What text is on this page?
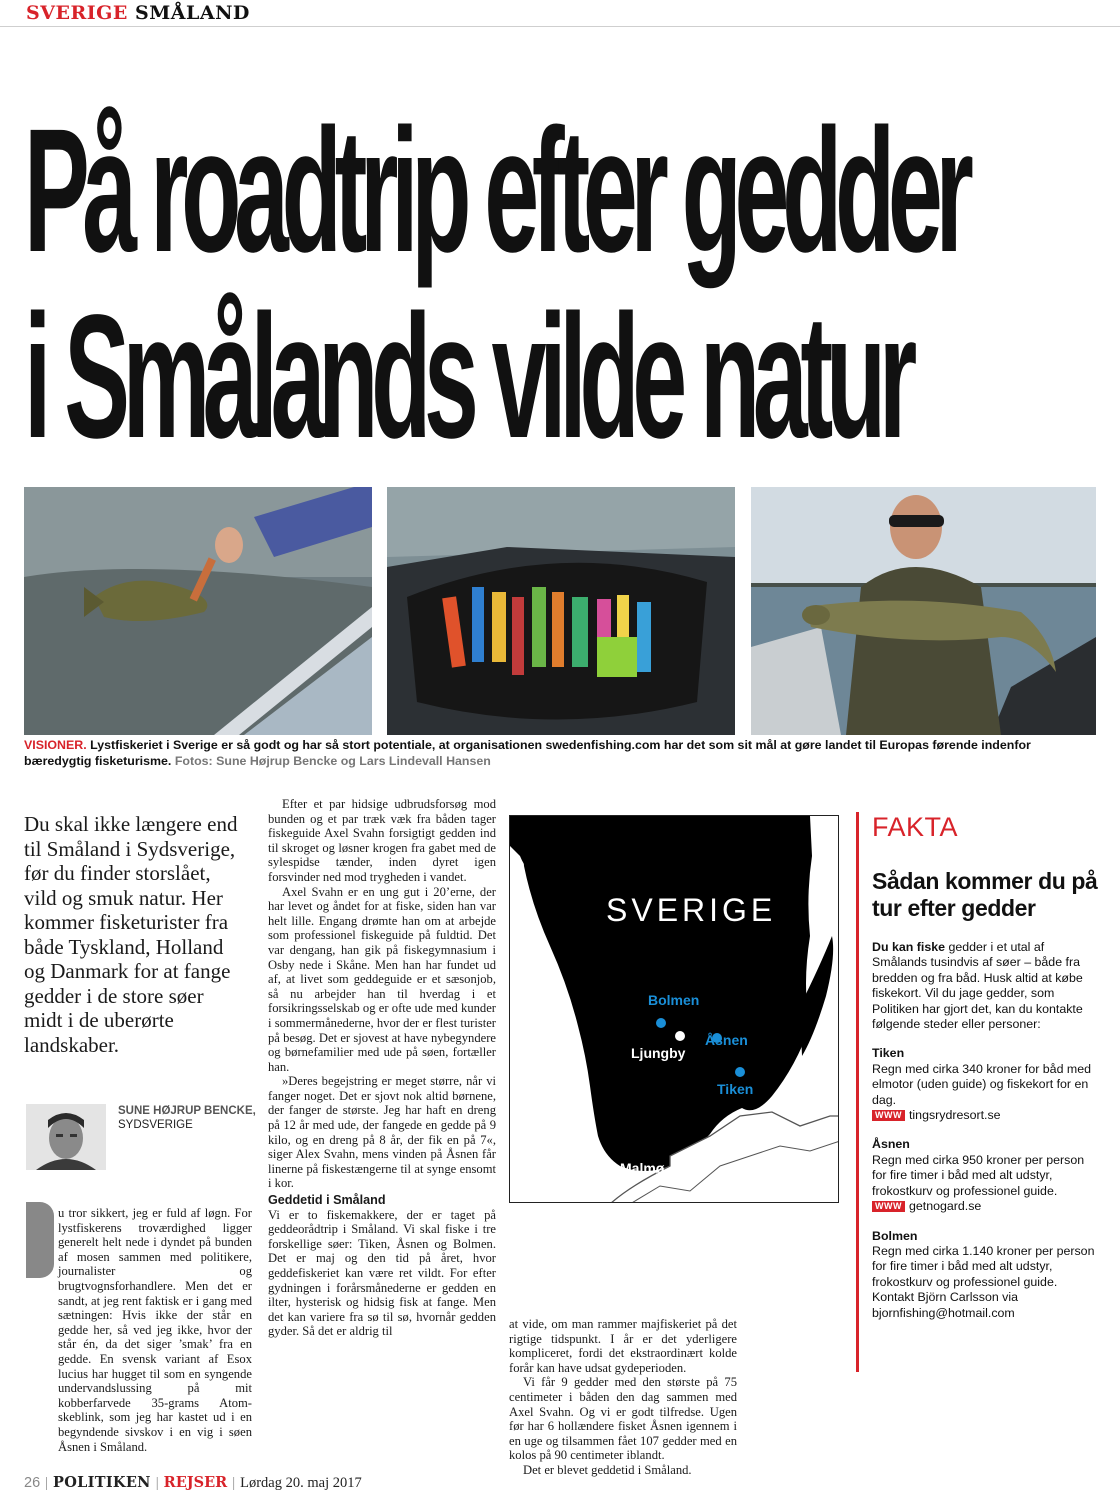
SVERIGE SMÅLAND
På roadtrip efter gedder
i Smålands vilde natur
VISIONER. Lystfiskeriet i Sverige er så godt og har så stort potentiale, at organisationen swedenfishing.com har det som sit mål at gøre landet til Europas førende indenfor bæredygtig fisketurisme. Fotos: Sune Højrup Bencke og Lars Lindevall Hansen
Du skal ikke længere end til Småland i Sydsverige, før du finder storslået, vild og smuk natur. Her kommer fisketurister fra både Tyskland, Holland og Danmark for at fange gedder i de store søer midt i de uberørte landskaber.
SUNE HØJRUP BENCKE,
SYDSVERIGE

u tror sikkert, jeg er fuld af løgn. For lystfiskerens troværdighed ligger generelt helt nede i dyndet på bunden af mosen sammen med politikere, journalister og brugtvognsforhandlere. Men det er sandt, at jeg rent faktisk er i gang med sætningen: Hvis ikke der står en gedde her, så ved jeg ikke, hvor der står én, da det siger ’smak’ fra en gedde. En svensk variant af Esox lucius har hugget til som en syngende undervandslussing på mit kobberfarvede 35-grams Atom-skeblink, som jeg har kastet ud i en begyndende sivskov i en vig i søen Åsnen i Småland.

Efter et par hidsige udbrudsforsøg mod bunden og et par træk væk fra båden tager fiskeguide Axel Svahn forsigtigt gedden ind til skroget og løsner krogen fra gabet med de sylespidse tænder, inden dyret igen forsvinder ned mod trygheden i vandet.

Axel Svahn er en ung gut i 20’erne, der har levet og åndet for at fiske, siden han var helt lille. Engang drømte han om at arbejde som professionel fiskeguide på fuldtid. Det var dengang, han gik på fiskegymnasium i Osby nede i Skåne. Men han har fundet ud af, at livet som geddeguide er et sæsonjob, så nu arbejder han til hverdag i et forsikringsselskab og er ofte ude med kunder i sommermånederne, hvor der er flest turister på besøg. Det er sjovest at have nybegyndere og børnefamilier med ude på søen, fortæller han.

»Deres begejstring er meget større, når vi fanger noget. Det er sjovt nok altid børnene, der fanger de største. Jeg har haft en dreng på 12 år med ude, der fangede en gedde på 9 kilo, og en dreng på 8 år, der fik en på 7«, siger Alex Svahn, mens vinden på Åsnen får linerne på fiskestængerne til at synge ensomt i kor.

Geddetid i Småland

Vi er to fiskemakkere, der er taget på geddeorådtrip i Småland. Vi skal fiske i tre forskellige søer: Tiken, Åsnen og Bolmen. Det er maj og den tid på året, hvor geddefiskeriet kan være ret vildt. For efter gydningen i forårsmånederne er gedden en ilter, hysterisk og hidsig fisk at fange. Men det kan variere fra sø til sø, hvornår gedden gyder. Så det er aldrig til

SVERIGE
Bolmen
Ljungby
Åsnen
Tiken
Malmø

at vide, om man rammer majfiskeriet på det rigtige tidspunkt. I år er det yderligere kompliceret, fordi det ekstraordinært kolde forår kan have udsat gydeperioden.

Vi får 9 gedder med den største på 75 centimeter i båden den dag sammen med Axel Svahn. Og vi er godt tilfredse. Ugen før har 6 hollændere fisket Åsnen igennem i en uge og tilsammen fået 107 gedder med en kolos på 90 centimeter iblandt.

Det er blevet geddetid i Småland.

FAKTA
Sådan kommer du på tur efter gedder
Du kan fiske gedder i et utal af Smålands tusindvis af søer – både fra bredden og fra båd. Husk altid at købe fiskekort. Vil du jage gedder, som Politiken har gjort det, kan du kontakte følgende steder eller personer:
Tiken
Regn med cirka 340 kroner for båd med elmotor (uden guide) og fiskekort for en dag.
WWW tingsrydresort.se
Åsnen
Regn med cirka 950 kroner per person for fire timer i båd med alt udstyr, frokostkurv og professionel guide.
WWW getnogard.se
Bolmen
Regn med cirka 1.140 kroner per person for fire timer i båd med alt udstyr, frokostkurv og professionel guide.
Kontakt Björn Carlsson via bjornfishing@hotmail.com
26 | POLITIKEN | REJSER | Lørdag 20. maj 2017
